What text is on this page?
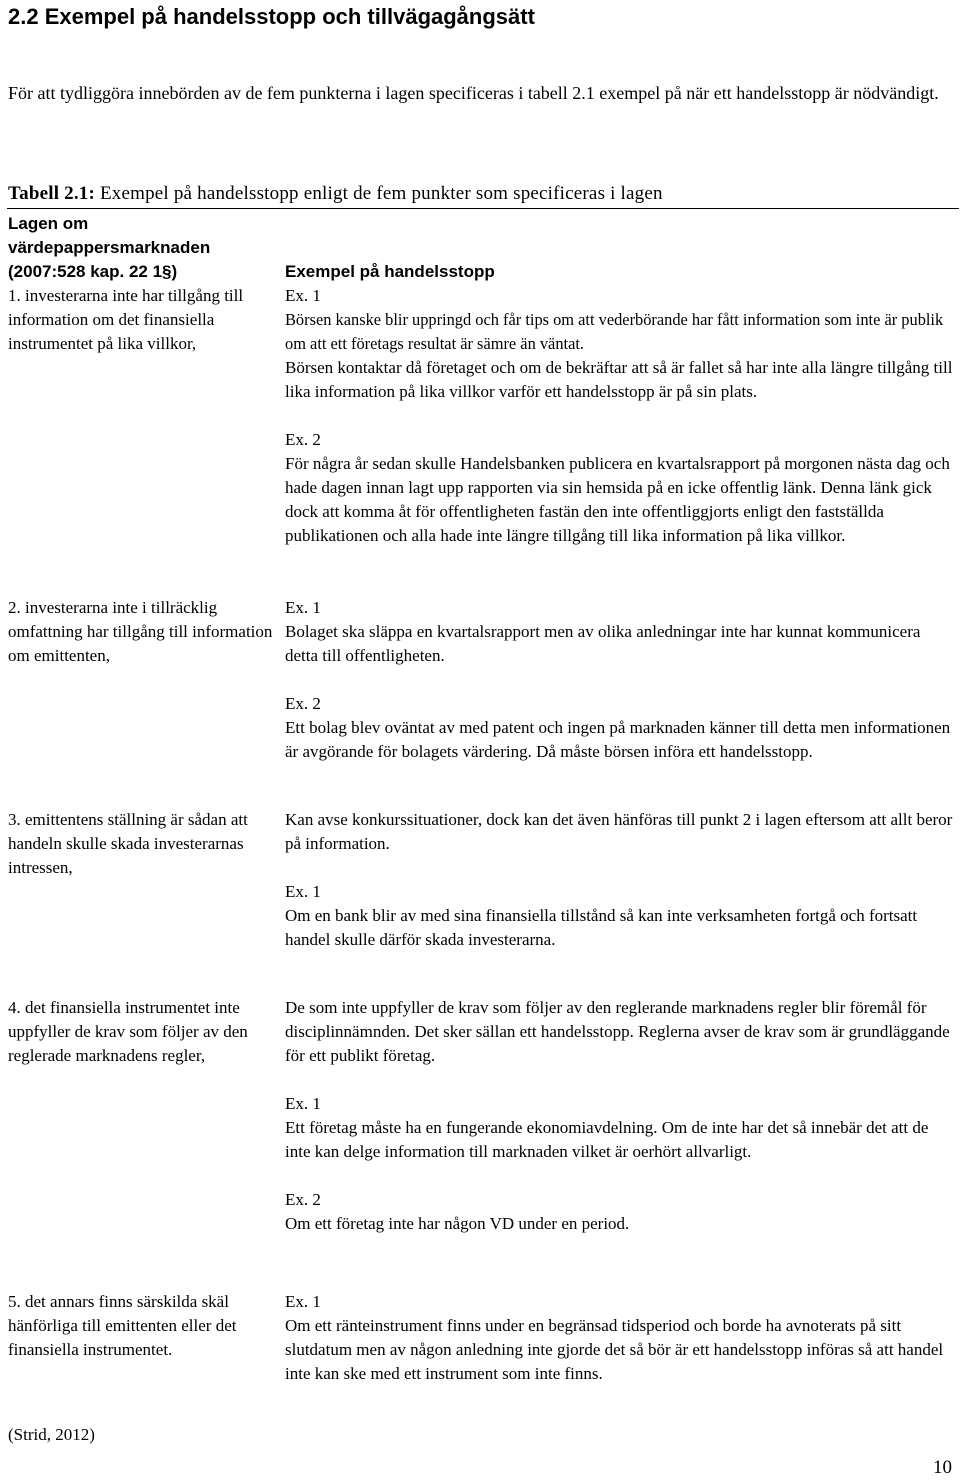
2.2 Exempel på handelsstopp och tillvägagångsätt
För att tydliggöra innebörden av de fem punkterna i lagen specificeras i tabell 2.1 exempel på när ett handelsstopp är nödvändigt.
Tabell 2.1: Exempel på handelsstopp enligt de fem punkter som specificeras i lagen
Lagen om värdepappersmarknaden (2007:528 kap. 22 1§)	Exempel på handelsstopp
1. investerarna inte har tillgång till information om det finansiella instrumentet på lika villkor,

Ex. 1

Börsen kanske blir uppringd och får tips om att vederbörande har fått information som inte är publik om att ett företags resultat är sämre än väntat.

Börsen kontaktar då företaget och om de bekräftar att så är fallet så har inte alla längre tillgång till lika information på lika villkor varför ett handelsstopp är på sin plats.

Ex. 2

För några år sedan skulle Handelsbanken publicera en kvartalsrapport på morgonen nästa dag och hade dagen innan lagt upp rapporten via sin hemsida på en icke offentlig länk. Denna länk gick dock att komma åt för offentligheten fastän den inte offentliggjorts enligt den fastställda publikationen och alla hade inte längre tillgång till lika information på lika villkor.

2. investerarna inte i tillräcklig omfattning har tillgång till information om emittenten,

Ex. 1

Bolaget ska släppa en kvartalsrapport men av olika anledningar inte har kunnat kommunicera detta till offentligheten.

Ex. 2

Ett bolag blev oväntat av med patent och ingen på marknaden känner till detta men informationen är avgörande för bolagets värdering. Då måste börsen införa ett handelsstopp.

3. emittentens ställning är sådan att handeln skulle skada investerarnas intressen,

Kan avse konkurssituationer, dock kan det även hänföras till punkt 2 i lagen eftersom att allt beror på information.

Ex. 1

Om en bank blir av med sina finansiella tillstånd så kan inte verksamheten fortgå och fortsatt handel skulle därför skada investerarna.

4. det finansiella instrumentet inte uppfyller de krav som följer av den reglerade marknadens regler,

De som inte uppfyller de krav som följer av den reglerande marknadens regler blir föremål för disciplinnämnden. Det sker sällan ett handelsstopp. Reglerna avser de krav som är grundläggande för ett publikt företag.

Ex. 1

Ett företag måste ha en fungerande ekonomiavdelning. Om de inte har det så innebär det att de inte kan delge information till marknaden vilket är oerhört allvarligt.

Ex. 2

Om ett företag inte har någon VD under en period.

5. det annars finns särskilda skäl hänförliga till emittenten eller det finansiella instrumentet.

Ex. 1

Om ett ränteinstrument finns under en begränsad tidsperiod och borde ha avnoterats på sitt slutdatum men av någon anledning inte gjorde det så bör är ett handelsstopp införas så att handel inte kan ske med ett instrument som inte finns.

(Strid, 2012)
10
